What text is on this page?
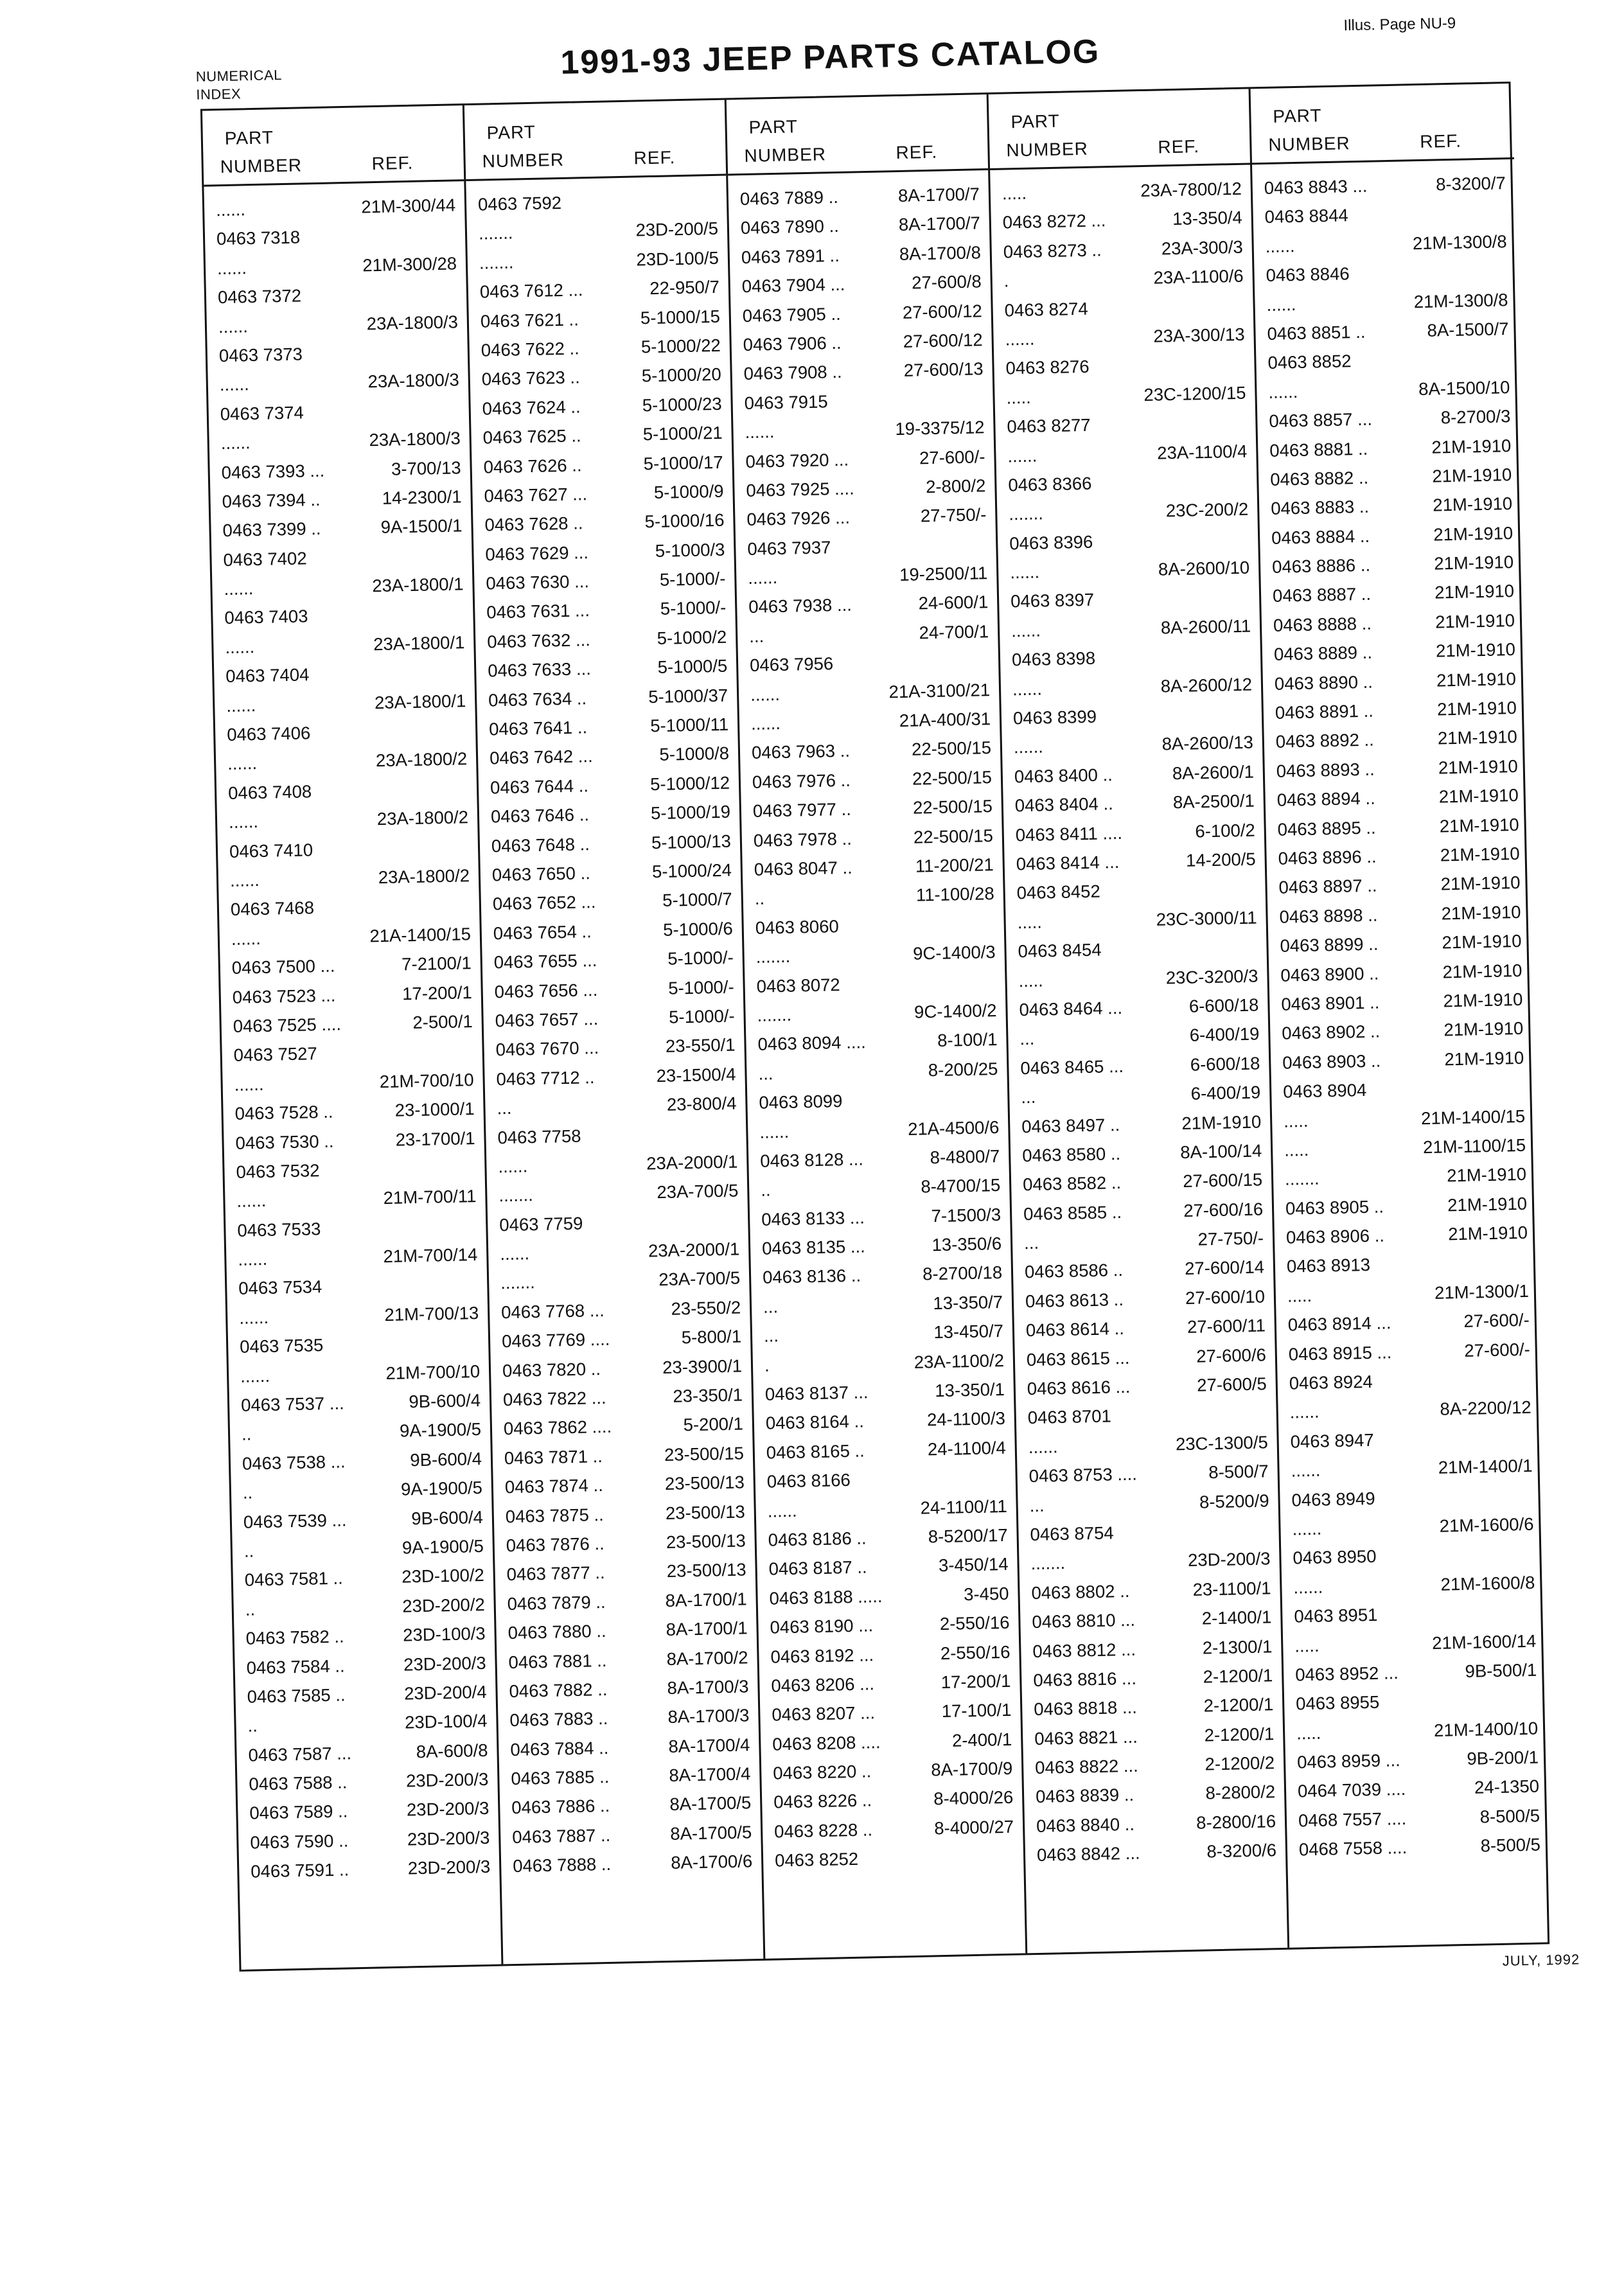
NUMERICAL
INDEX
1991-93 JEEP PARTS CATALOG
Illus. Page NU-9
PART
NUMBER	REF.
......	21M-300/44
0463 7318
......	21M-300/28
0463 7372
......	23A-1800/3
0463 7373
......	23A-1800/3
0463 7374
......	23A-1800/3
0463 7393 ...	3-700/13
0463 7394 ..	14-2300/1
0463 7399 ..	9A-1500/1
0463 7402
......	23A-1800/1
0463 7403
......	23A-1800/1
0463 7404
......	23A-1800/1
0463 7406
......	23A-1800/2
0463 7408
......	23A-1800/2
0463 7410
......	23A-1800/2
0463 7468
......	21A-1400/15
0463 7500 ...	7-2100/1
0463 7523 ...	17-200/1
0463 7525 ....	2-500/1
0463 7527
......	21M-700/10
0463 7528 ..	23-1000/1
0463 7530 ..	23-1700/1
0463 7532
......	21M-700/11
0463 7533
......	21M-700/14
0463 7534
......	21M-700/13
0463 7535
......	21M-700/10
0463 7537 ...	9B-600/4
..	9A-1900/5
0463 7538 ...	9B-600/4
..	9A-1900/5
0463 7539 ...	9B-600/4
..	9A-1900/5
0463 7581 ..	23D-100/2
..	23D-200/2
0463 7582 ..	23D-100/3
0463 7584 ..	23D-200/3
0463 7585 ..	23D-200/4
..	23D-100/4
0463 7587 ...	8A-600/8
0463 7588 ..	23D-200/3
0463 7589 ..	23D-200/3
0463 7590 ..	23D-200/3
0463 7591 ..	23D-200/3
PART
NUMBER	REF.
0463 7592
.......	23D-200/5
.......	23D-100/5
0463 7612 ...	22-950/7
0463 7621 ..	5-1000/15
0463 7622 ..	5-1000/22
0463 7623 ..	5-1000/20
0463 7624 ..	5-1000/23
0463 7625 ..	5-1000/21
0463 7626 ..	5-1000/17
0463 7627 ...	5-1000/9
0463 7628 ..	5-1000/16
0463 7629 ...	5-1000/3
0463 7630 ...	5-1000/-
0463 7631 ...	5-1000/-
0463 7632 ...	5-1000/2
0463 7633 ...	5-1000/5
0463 7634 ..	5-1000/37
0463 7641 ..	5-1000/11
0463 7642 ...	5-1000/8
0463 7644 ..	5-1000/12
0463 7646 ..	5-1000/19
0463 7648 ..	5-1000/13
0463 7650 ..	5-1000/24
0463 7652 ...	5-1000/7
0463 7654 ..	5-1000/6
0463 7655 ...	5-1000/-
0463 7656 ...	5-1000/-
0463 7657 ...	5-1000/-
0463 7670 ...	23-550/1
0463 7712 ..	23-1500/4
...	23-800/4
0463 7758
......	23A-2000/1
.......	23A-700/5
0463 7759
......	23A-2000/1
.......	23A-700/5
0463 7768 ...	23-550/2
0463 7769 ....	5-800/1
0463 7820 ..	23-3900/1
0463 7822 ...	23-350/1
0463 7862 ....	5-200/1
0463 7871 ..	23-500/15
0463 7874 ..	23-500/13
0463 7875 ..	23-500/13
0463 7876 ..	23-500/13
0463 7877 ..	23-500/13
0463 7879 ..	8A-1700/1
0463 7880 ..	8A-1700/1
0463 7881 ..	8A-1700/2
0463 7882 ..	8A-1700/3
0463 7883 ..	8A-1700/3
0463 7884 ..	8A-1700/4
0463 7885 ..	8A-1700/4
0463 7886 ..	8A-1700/5
0463 7887 ..	8A-1700/5
0463 7888 ..	8A-1700/6
PART
NUMBER	REF.
0463 7889 ..	8A-1700/7
0463 7890 ..	8A-1700/7
0463 7891 ..	8A-1700/8
0463 7904 ...	27-600/8
0463 7905 ..	27-600/12
0463 7906 ..	27-600/12
0463 7908 ..	27-600/13
0463 7915
......	19-3375/12
0463 7920 ...	27-600/-
0463 7925 ....	2-800/2
0463 7926 ...	27-750/-
0463 7937
......	19-2500/11
0463 7938 ...	24-600/1
...	24-700/1
0463 7956
......	21A-3100/21
......	21A-400/31
0463 7963 ..	22-500/15
0463 7976 ..	22-500/15
0463 7977 ..	22-500/15
0463 7978 ..	22-500/15
0463 8047 ..	11-200/21
..	11-100/28
0463 8060
.......	9C-1400/3
0463 8072
.......	9C-1400/2
0463 8094 ....	8-100/1
...	8-200/25
0463 8099
......	21A-4500/6
0463 8128 ...	8-4800/7
..	8-4700/15
0463 8133 ...	7-1500/3
0463 8135 ...	13-350/6
0463 8136 ..	8-2700/18
...	13-350/7
...	13-450/7
.	23A-1100/2
0463 8137 ...	13-350/1
0463 8164 ..	24-1100/3
0463 8165 ..	24-1100/4
0463 8166
......	24-1100/11
0463 8186 ..	8-5200/17
0463 8187 ..	3-450/14
0463 8188 .....	3-450
0463 8190 ...	2-550/16
0463 8192 ...	2-550/16
0463 8206 ...	17-200/1
0463 8207 ...	17-100/1
0463 8208 ....	2-400/1
0463 8220 ..	8A-1700/9
0463 8226 ..	8-4000/26
0463 8228 ..	8-4000/27
0463 8252
PART
NUMBER	REF.
.....	23A-7800/12
0463 8272 ...	13-350/4
0463 8273 ..	23A-300/3
.	23A-1100/6
0463 8274
......	23A-300/13
0463 8276
.....	23C-1200/15
0463 8277
......	23A-1100/4
0463 8366
.......	23C-200/2
0463 8396
......	8A-2600/10
0463 8397
......	8A-2600/11
0463 8398
......	8A-2600/12
0463 8399
......	8A-2600/13
0463 8400 ..	8A-2600/1
0463 8404 ..	8A-2500/1
0463 8411 ....	6-100/2
0463 8414 ...	14-200/5
0463 8452
.....	23C-3000/11
0463 8454
.....	23C-3200/3
0463 8464 ...	6-600/18
...	6-400/19
0463 8465 ...	6-600/18
...	6-400/19
0463 8497 ..	21M-1910
0463 8580 ..	8A-100/14
0463 8582 ..	27-600/15
0463 8585 ..	27-600/16
...	27-750/-
0463 8586 ..	27-600/14
0463 8613 ..	27-600/10
0463 8614 ..	27-600/11
0463 8615 ...	27-600/6
0463 8616 ...	27-600/5
0463 8701
......	23C-1300/5
0463 8753 ....	8-500/7
...	8-5200/9
0463 8754
.......	23D-200/3
0463 8802 ..	23-1100/1
0463 8810 ...	2-1400/1
0463 8812 ...	2-1300/1
0463 8816 ...	2-1200/1
0463 8818 ...	2-1200/1
0463 8821 ...	2-1200/1
0463 8822 ...	2-1200/2
0463 8839 ..	8-2800/2
0463 8840 ..	8-2800/16
0463 8842 ...	8-3200/6
PART
NUMBER	REF.
0463 8843 ...	8-3200/7
0463 8844
......	21M-1300/8
0463 8846
......	21M-1300/8
0463 8851 ..	8A-1500/7
0463 8852
......	8A-1500/10
0463 8857 ...	8-2700/3
0463 8881 ..	21M-1910
0463 8882 ..	21M-1910
0463 8883 ..	21M-1910
0463 8884 ..	21M-1910
0463 8886 ..	21M-1910
0463 8887 ..	21M-1910
0463 8888 ..	21M-1910
0463 8889 ..	21M-1910
0463 8890 ..	21M-1910
0463 8891 ..	21M-1910
0463 8892 ..	21M-1910
0463 8893 ..	21M-1910
0463 8894 ..	21M-1910
0463 8895 ..	21M-1910
0463 8896 ..	21M-1910
0463 8897 ..	21M-1910
0463 8898 ..	21M-1910
0463 8899 ..	21M-1910
0463 8900 ..	21M-1910
0463 8901 ..	21M-1910
0463 8902 ..	21M-1910
0463 8903 ..	21M-1910
0463 8904
.....	21M-1400/15
.....	21M-1100/15
.......	21M-1910
0463 8905 ..	21M-1910
0463 8906 ..	21M-1910
0463 8913
.....	21M-1300/1
0463 8914 ...	27-600/-
0463 8915 ...	27-600/-
0463 8924
......	8A-2200/12
0463 8947
......	21M-1400/1
0463 8949
......	21M-1600/6
0463 8950
......	21M-1600/8
0463 8951
.....	21M-1600/14
0463 8952 ...	9B-500/1
0463 8955
.....	21M-1400/10
0463 8959 ...	9B-200/1
0464 7039 ....	24-1350
0468 7557 ....	8-500/5
0468 7558 ....	8-500/5
JULY, 1992
